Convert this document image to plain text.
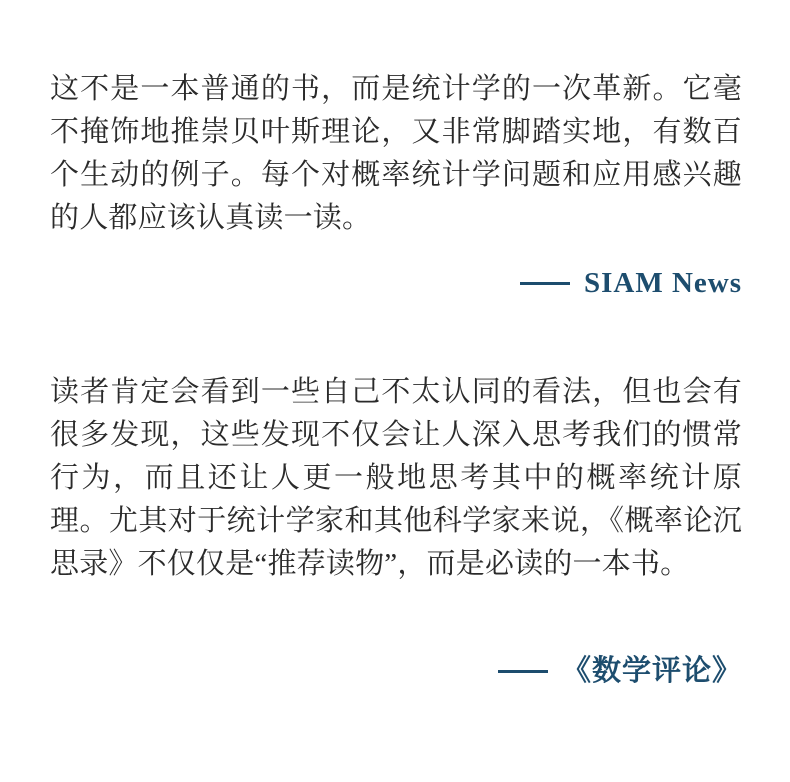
这不是一本普通的书，而是统计学的一次革新。它毫不掩饰地推崇贝叶斯理论，又非常脚踏实地，有数百个生动的例子。每个对概率统计学问题和应用感兴趣的人都应该认真读一读。

SIAM News

读者肯定会看到一些自己不太认同的看法，但也会有很多发现，这些发现不仅会让人深入思考我们的惯常行为，而且还让人更一般地思考其中的概率统计原理。尤其对于统计学家和其他科学家来说，《概率论沉思录》不仅仅是“推荐读物”，而是必读的一本书。

《数学评论》
